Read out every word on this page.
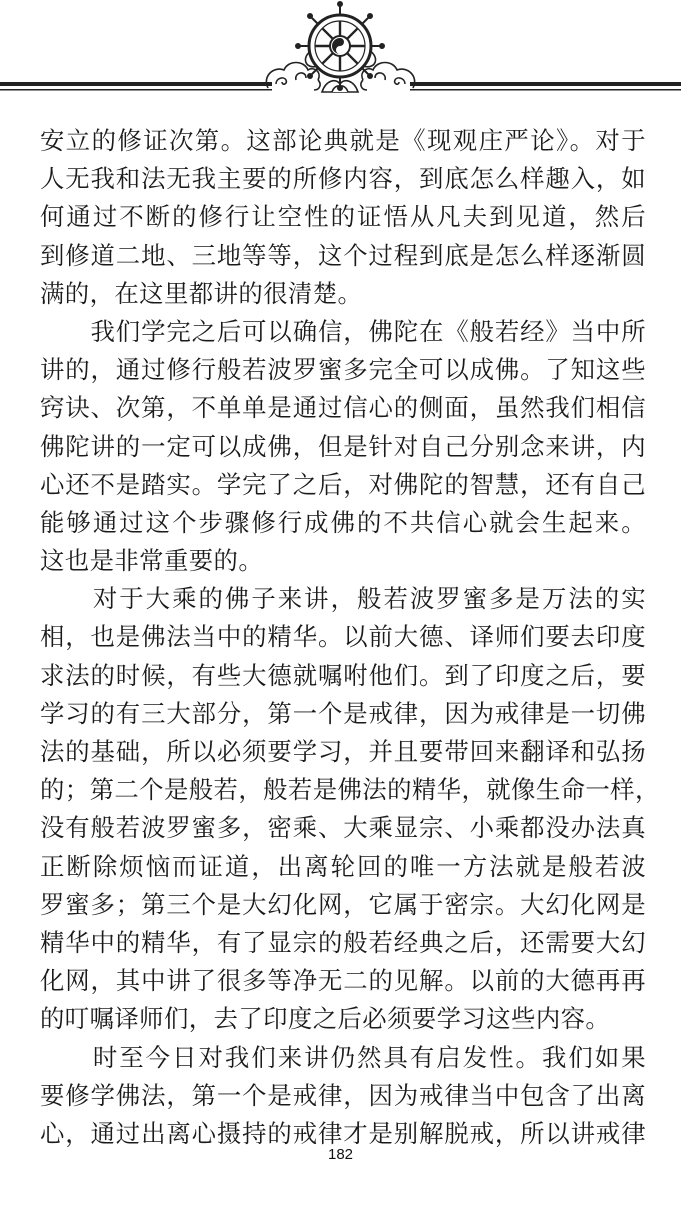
安立的修证次第。这部论典就是《现观庄严论》。对于
人无我和法无我主要的所修内容，到底怎么样趣入，如
何通过不断的修行让空性的证悟从凡夫到见道，然后
到修道二地、三地等等，这个过程到底是怎么样逐渐圆
满的，在这里都讲的很清楚。
　　我们学完之后可以确信，佛陀在《般若经》当中所
讲的，通过修行般若波罗蜜多完全可以成佛。了知这些
窍诀、次第，不单单是通过信心的侧面，虽然我们相信
佛陀讲的一定可以成佛，但是针对自己分别念来讲，内
心还不是踏实。学完了之后，对佛陀的智慧，还有自己
能够通过这个步骤修行成佛的不共信心就会生起来。
这也是非常重要的。
　　对于大乘的佛子来讲，般若波罗蜜多是万法的实
相，也是佛法当中的精华。以前大德、译师们要去印度
求法的时候，有些大德就嘱咐他们。到了印度之后，要
学习的有三大部分，第一个是戒律，因为戒律是一切佛
法的基础，所以必须要学习，并且要带回来翻译和弘扬
的；第二个是般若，般若是佛法的精华，就像生命一样，
没有般若波罗蜜多，密乘、大乘显宗、小乘都没办法真
正断除烦恼而证道，出离轮回的唯一方法就是般若波
罗蜜多；第三个是大幻化网，它属于密宗。大幻化网是
精华中的精华，有了显宗的般若经典之后，还需要大幻
化网，其中讲了很多等净无二的见解。以前的大德再再
的叮嘱译师们，去了印度之后必须要学习这些内容。
　　时至今日对我们来讲仍然具有启发性。我们如果
要修学佛法，第一个是戒律，因为戒律当中包含了出离
心，通过出离心摄持的戒律才是别解脱戒，所以讲戒律
182
